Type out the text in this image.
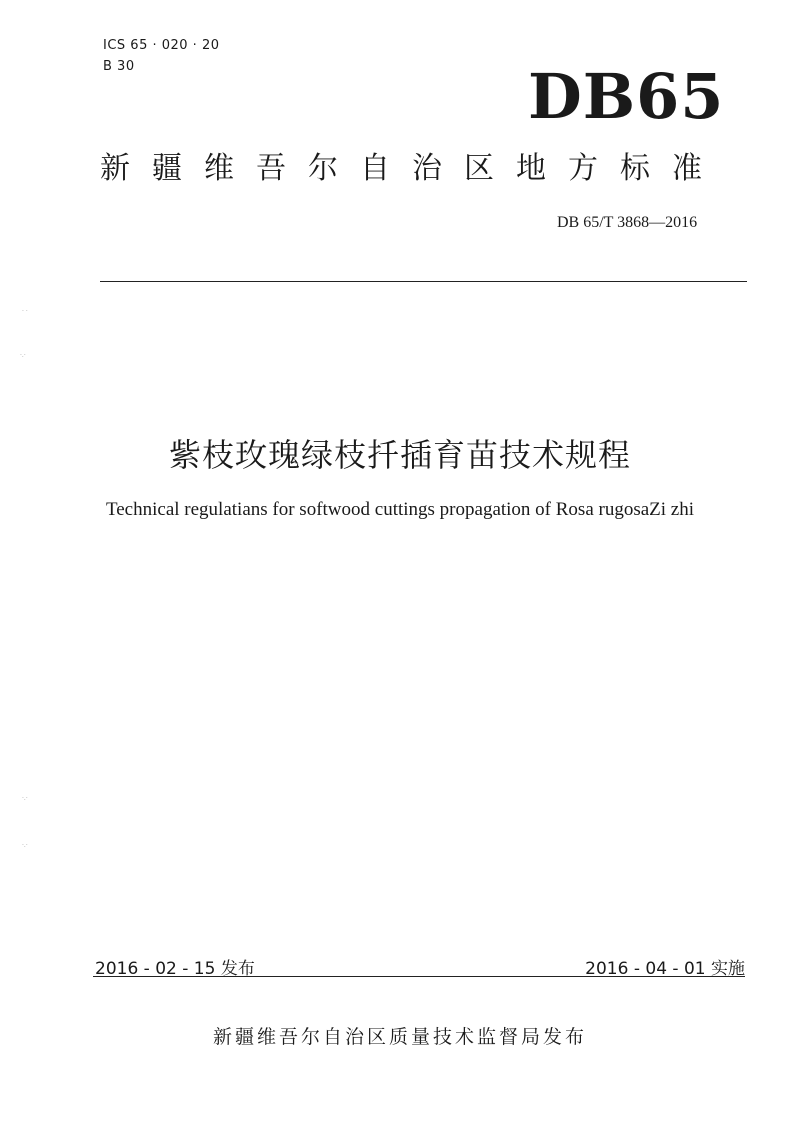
ICS 65 · 020 · 20
B 30	DB65
新疆维吾尔自治区地方标准
DB 65/T 3868—2016
紫枝玫瑰绿枝扦插育苗技术规程
Technical regulatians for softwood cuttings propagation of Rosa rugosaZi zhi
2016 - 02 - 15 发布	2016 - 04 - 01 实施
新疆维吾尔自治区质量技术监督局发布
· ·
·.·
·.·
·.·
